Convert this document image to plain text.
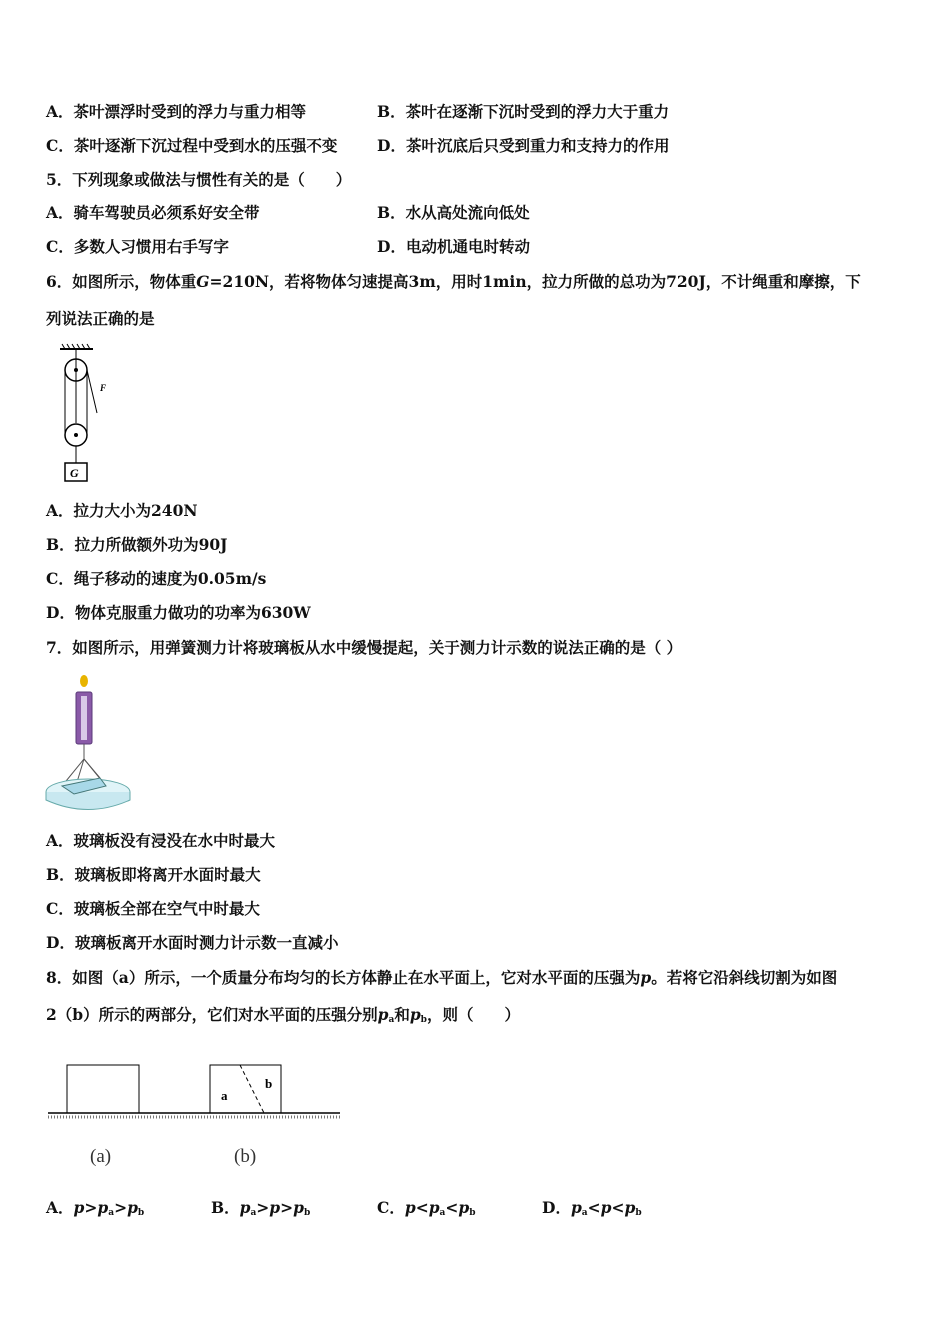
A．茶叶漂浮时受到的浮力与重力相等	B．茶叶在逐渐下沉时受到的浮力大于重力
C．茶叶逐渐下沉过程中受到水的压强不变	D．茶叶沉底后只受到重力和支持力的作用
5．下列现象或做法与惯性有关的是（　　）
A．骑车驾驶员必须系好安全带	B．水从高处流向低处
C．多数人习惯用右手写字	D．电动机通电时转动
6．如图所示，物体重G=210N，若将物体匀速提高3m，用时1min，拉力所做的总功为720J，不计绳重和摩擦，下
列说法正确的是
G
F
A．拉力大小为240N
B．拉力所做额外功为90J
C．绳子移动的速度为0.05m/s
D．物体克服重力做功的功率为630W
7．如图所示，用弹簧测力计将玻璃板从水中缓慢提起，关于测力计示数的说法正确的是（ ）
A．玻璃板没有浸没在水中时最大
B．玻璃板即将离开水面时最大
C．玻璃板全部在空气中时最大
D．玻璃板离开水面时测力计示数一直减小
8．如图（a）所示，一个质量分布均匀的长方体静止在水平面上，它对水平面的压强为p。若将它沿斜线切割为如图
2（b）所示的两部分，它们对水平面的压强分别$p_a$和$p_b$，则（　　）
a
b
(a)	(b)
A．$p>p_a>p_b$	B．$p_a>p>p_b$	C．$p<p_a<p_b$	D．$p_a<p<p_b$
